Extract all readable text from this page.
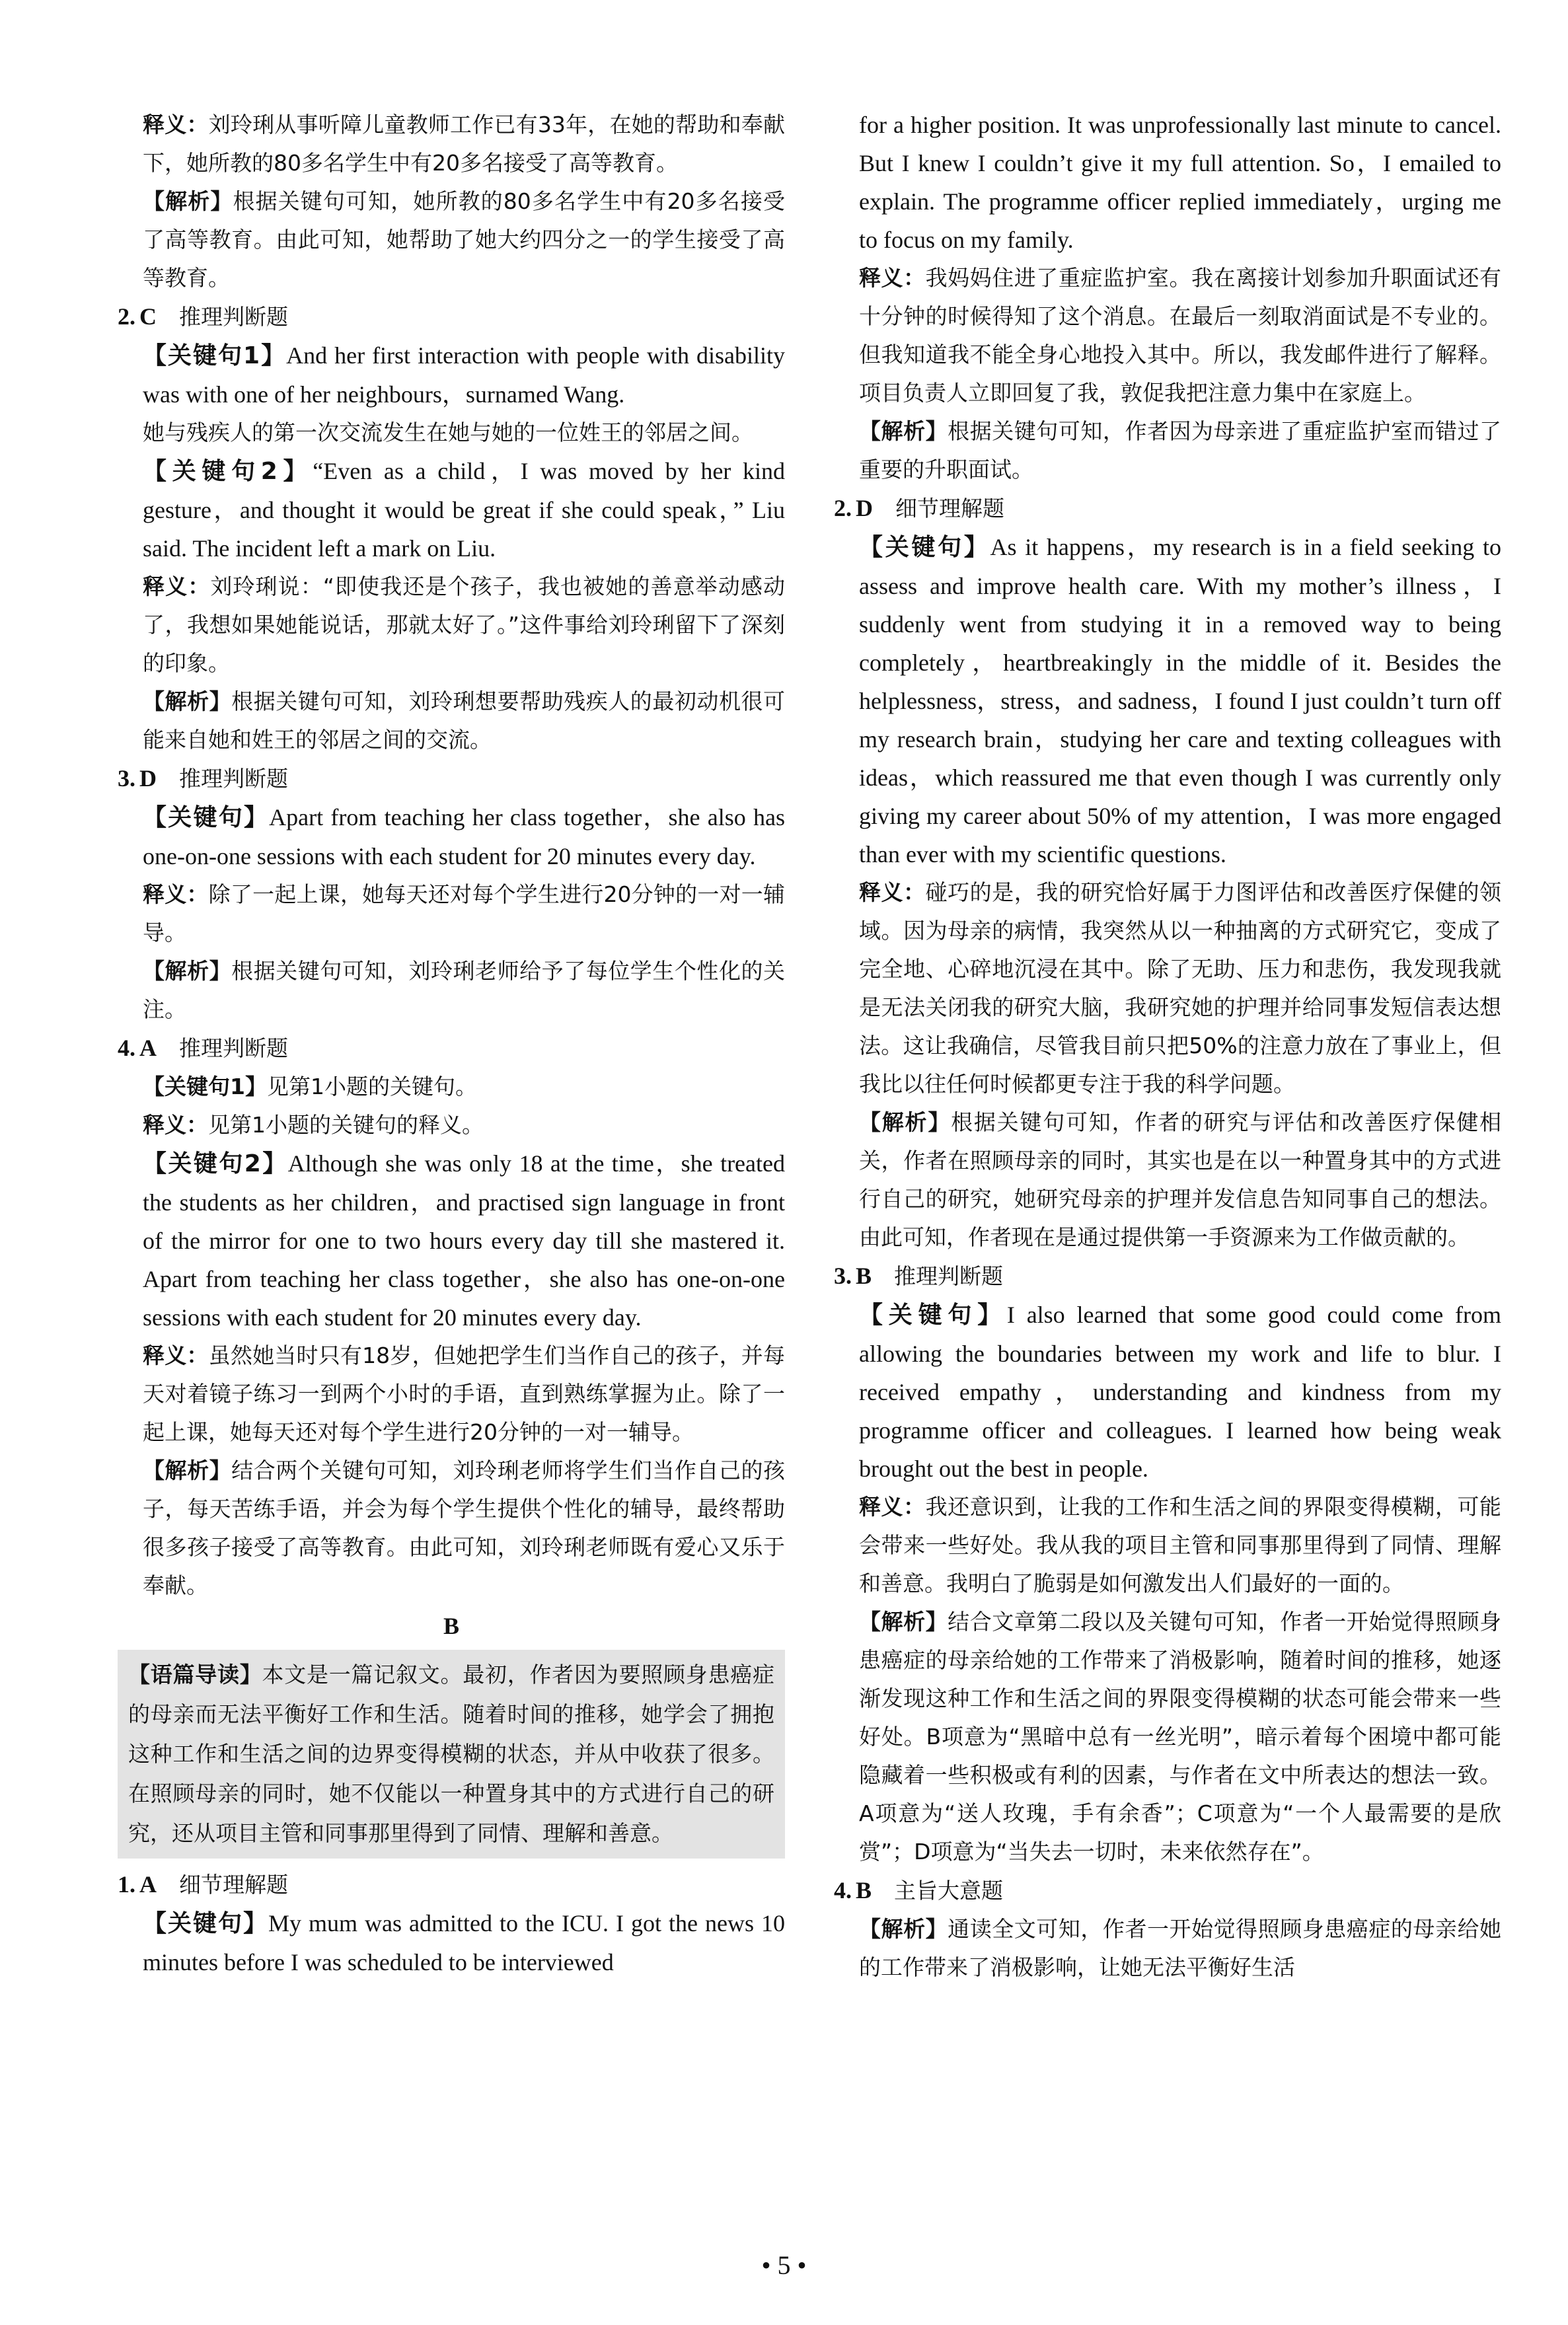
释义：刘玲琍从事听障儿童教师工作已有33年，在她的帮助和奉献下，她所教的80多名学生中有20多名接受了高等教育。

【解析】根据关键句可知，她所教的80多名学生中有20多名接受了高等教育。由此可知，她帮助了她大约四分之一的学生接受了高等教育。

2. C 推理判断题

【关键句1】And her first interaction with people with disability was with one of her neighbours，surnamed Wang.

她与残疾人的第一次交流发生在她与她的一位姓王的邻居之间。

【关键句2】“Even as a child，I was moved by her kind gesture，and thought it would be great if she could speak，” Liu said. The incident left a mark on Liu.

释义：刘玲琍说：“即使我还是个孩子，我也被她的善意举动感动了，我想如果她能说话，那就太好了。”这件事给刘玲琍留下了深刻的印象。

【解析】根据关键句可知，刘玲琍想要帮助残疾人的最初动机很可能来自她和姓王的邻居之间的交流。

3. D 推理判断题

【关键句】Apart from teaching her class together，she also has one-on-one sessions with each student for 20 minutes every day.

释义：除了一起上课，她每天还对每个学生进行20分钟的一对一辅导。

【解析】根据关键句可知，刘玲琍老师给予了每位学生个性化的关注。

4. A 推理判断题

【关键句1】见第1小题的关键句。

释义：见第1小题的关键句的释义。

【关键句2】Although she was only 18 at the time，she treated the students as her children，and practised sign language in front of the mirror for one to two hours every day till she mastered it. Apart from teaching her class together，she also has one-on-one sessions with each student for 20 minutes every day.

释义：虽然她当时只有18岁，但她把学生们当作自己的孩子，并每天对着镜子练习一到两个小时的手语，直到熟练掌握为止。除了一起上课，她每天还对每个学生进行20分钟的一对一辅导。

【解析】结合两个关键句可知，刘玲琍老师将学生们当作自己的孩子，每天苦练手语，并会为每个学生提供个性化的辅导，最终帮助很多孩子接受了高等教育。由此可知，刘玲琍老师既有爱心又乐于奉献。

B

【语篇导读】本文是一篇记叙文。最初，作者因为要照顾身患癌症的母亲而无法平衡好工作和生活。随着时间的推移，她学会了拥抱这种工作和生活之间的边界变得模糊的状态，并从中收获了很多。在照顾母亲的同时，她不仅能以一种置身其中的方式进行自己的研究，还从项目主管和同事那里得到了同情、理解和善意。

1. A 细节理解题

【关键句】My mum was admitted to the ICU. I got the news 10 minutes before I was scheduled to be interviewed

for a higher position. It was unprofessionally last minute to cancel. But I knew I couldn’t give it my full attention. So，I emailed to explain. The programme officer replied immediately，urging me to focus on my family.

释义：我妈妈住进了重症监护室。我在离接计划参加升职面试还有十分钟的时候得知了这个消息。在最后一刻取消面试是不专业的。但我知道我不能全身心地投入其中。所以，我发邮件进行了解释。项目负责人立即回复了我，敦促我把注意力集中在家庭上。

【解析】根据关键句可知，作者因为母亲进了重症监护室而错过了重要的升职面试。

2. D 细节理解题

【关键句】As it happens，my research is in a field seeking to assess and improve health care. With my mother’s illness，I suddenly went from studying it in a removed way to being completely，heartbreakingly in the middle of it. Besides the helplessness，stress，and sadness，I found I just couldn’t turn off my research brain，studying her care and texting colleagues with ideas，which reassured me that even though I was currently only giving my career about 50% of my attention，I was more engaged than ever with my scientific questions.

释义：碰巧的是，我的研究恰好属于力图评估和改善医疗保健的领域。因为母亲的病情，我突然从以一种抽离的方式研究它，变成了完全地、心碎地沉浸在其中。除了无助、压力和悲伤，我发现我就是无法关闭我的研究大脑，我研究她的护理并给同事发短信表达想法。这让我确信，尽管我目前只把50%的注意力放在了事业上，但我比以往任何时候都更专注于我的科学问题。

【解析】根据关键句可知，作者的研究与评估和改善医疗保健相关，作者在照顾母亲的同时，其实也是在以一种置身其中的方式进行自己的研究，她研究母亲的护理并发信息告知同事自己的想法。由此可知，作者现在是通过提供第一手资源来为工作做贡献的。

3. B 推理判断题

【关键句】I also learned that some good could come from allowing the boundaries between my work and life to blur. I received empathy，understanding and kindness from my programme officer and colleagues. I learned how being weak brought out the best in people.

释义：我还意识到，让我的工作和生活之间的界限变得模糊，可能会带来一些好处。我从我的项目主管和同事那里得到了同情、理解和善意。我明白了脆弱是如何激发出人们最好的一面的。

【解析】结合文章第二段以及关键句可知，作者一开始觉得照顾身患癌症的母亲给她的工作带来了消极影响，随着时间的推移，她逐渐发现这种工作和生活之间的界限变得模糊的状态可能会带来一些好处。B项意为“黑暗中总有一丝光明”，暗示着每个困境中都可能隐藏着一些积极或有利的因素，与作者在文中所表达的想法一致。A项意为“送人玫瑰，手有余香”；C项意为“一个人最需要的是欣赏”；D项意为“当失去一切时，未来依然存在”。

4. B 主旨大意题

【解析】通读全文可知，作者一开始觉得照顾身患癌症的母亲给她的工作带来了消极影响，让她无法平衡好生活

• 5 •
